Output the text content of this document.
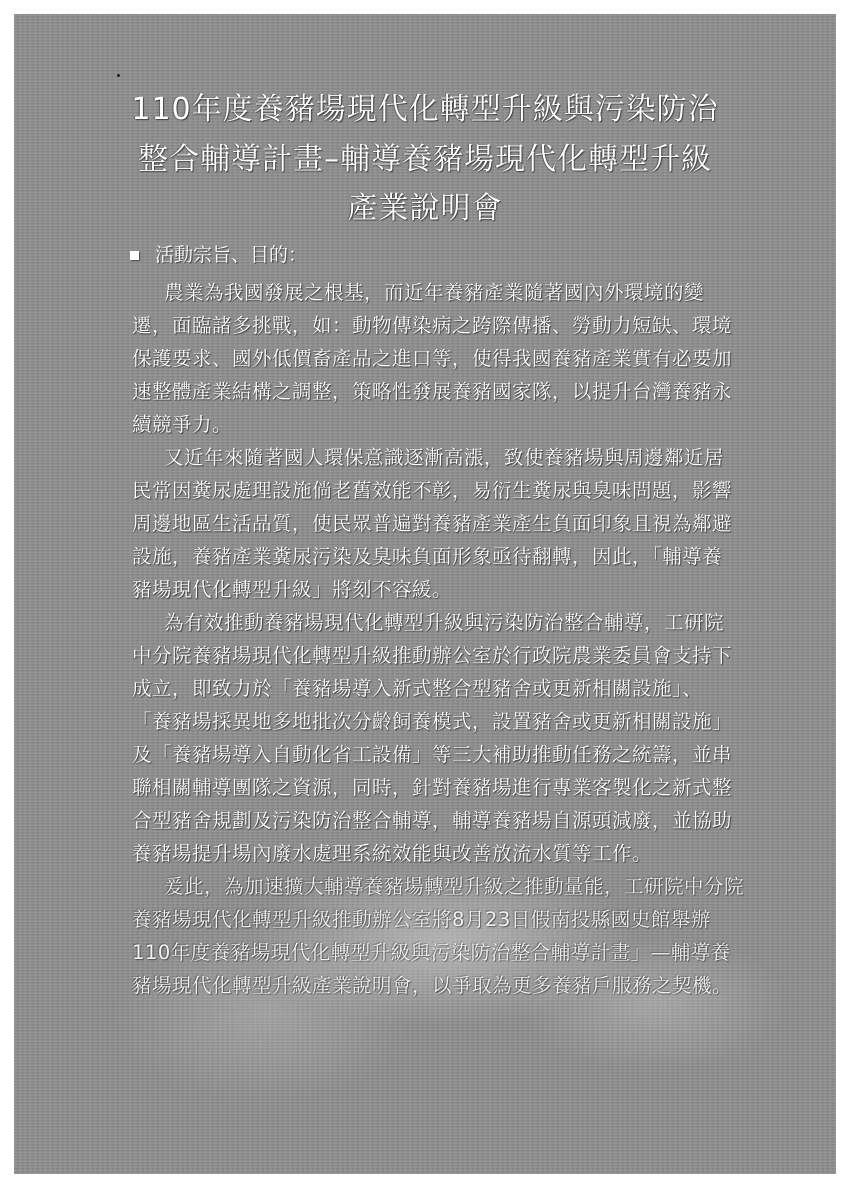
110年度養豬場現代化轉型升級與污染防治
整合輔導計畫–輔導養豬場現代化轉型升級
產業說明會
活動宗旨、目的：
農業為我國發展之根基，而近年養豬產業隨著國內外環境的變
遷，面臨諸多挑戰，如：動物傳染病之跨際傳播、勞動力短缺、環境
保護要求、國外低價畜產品之進口等，使得我國養豬產業實有必要加
速整體產業結構之調整，策略性發展養豬國家隊，以提升台灣養豬永
續競爭力。
又近年來隨著國人環保意識逐漸高漲，致使養豬場與周邊鄰近居
民常因糞尿處理設施倘老舊效能不彰，易衍生糞尿與臭味問題，影響
周邊地區生活品質，使民眾普遍對養豬產業產生負面印象且視為鄰避
設施，養豬產業糞尿污染及臭味負面形象亟待翻轉，因此，「輔導養
豬場現代化轉型升級」將刻不容緩。
為有效推動養豬場現代化轉型升級與污染防治整合輔導，工研院
中分院養豬場現代化轉型升級推動辦公室於行政院農業委員會支持下
成立，即致力於「養豬場導入新式整合型豬舍或更新相關設施」、
「養豬場採異地多地批次分齡飼養模式，設置豬舍或更新相關設施」
及「養豬場導入自動化省工設備」等三大補助推動任務之統籌，並串
聯相關輔導團隊之資源，同時，針對養豬場進行專業客製化之新式整
合型豬舍規劃及污染防治整合輔導，輔導養豬場自源頭減廢，並協助
養豬場提升場內廢水處理系統效能與改善放流水質等工作。
爰此，為加速擴大輔導養豬場轉型升級之推動量能，工研院中分院
養豬場現代化轉型升級推動辦公室將8月23日假南投縣國史館舉辦
110年度養豬場現代化轉型升級與污染防治整合輔導計畫」—輔導養
豬場現代化轉型升級產業說明會，以爭取為更多養豬戶服務之契機。
